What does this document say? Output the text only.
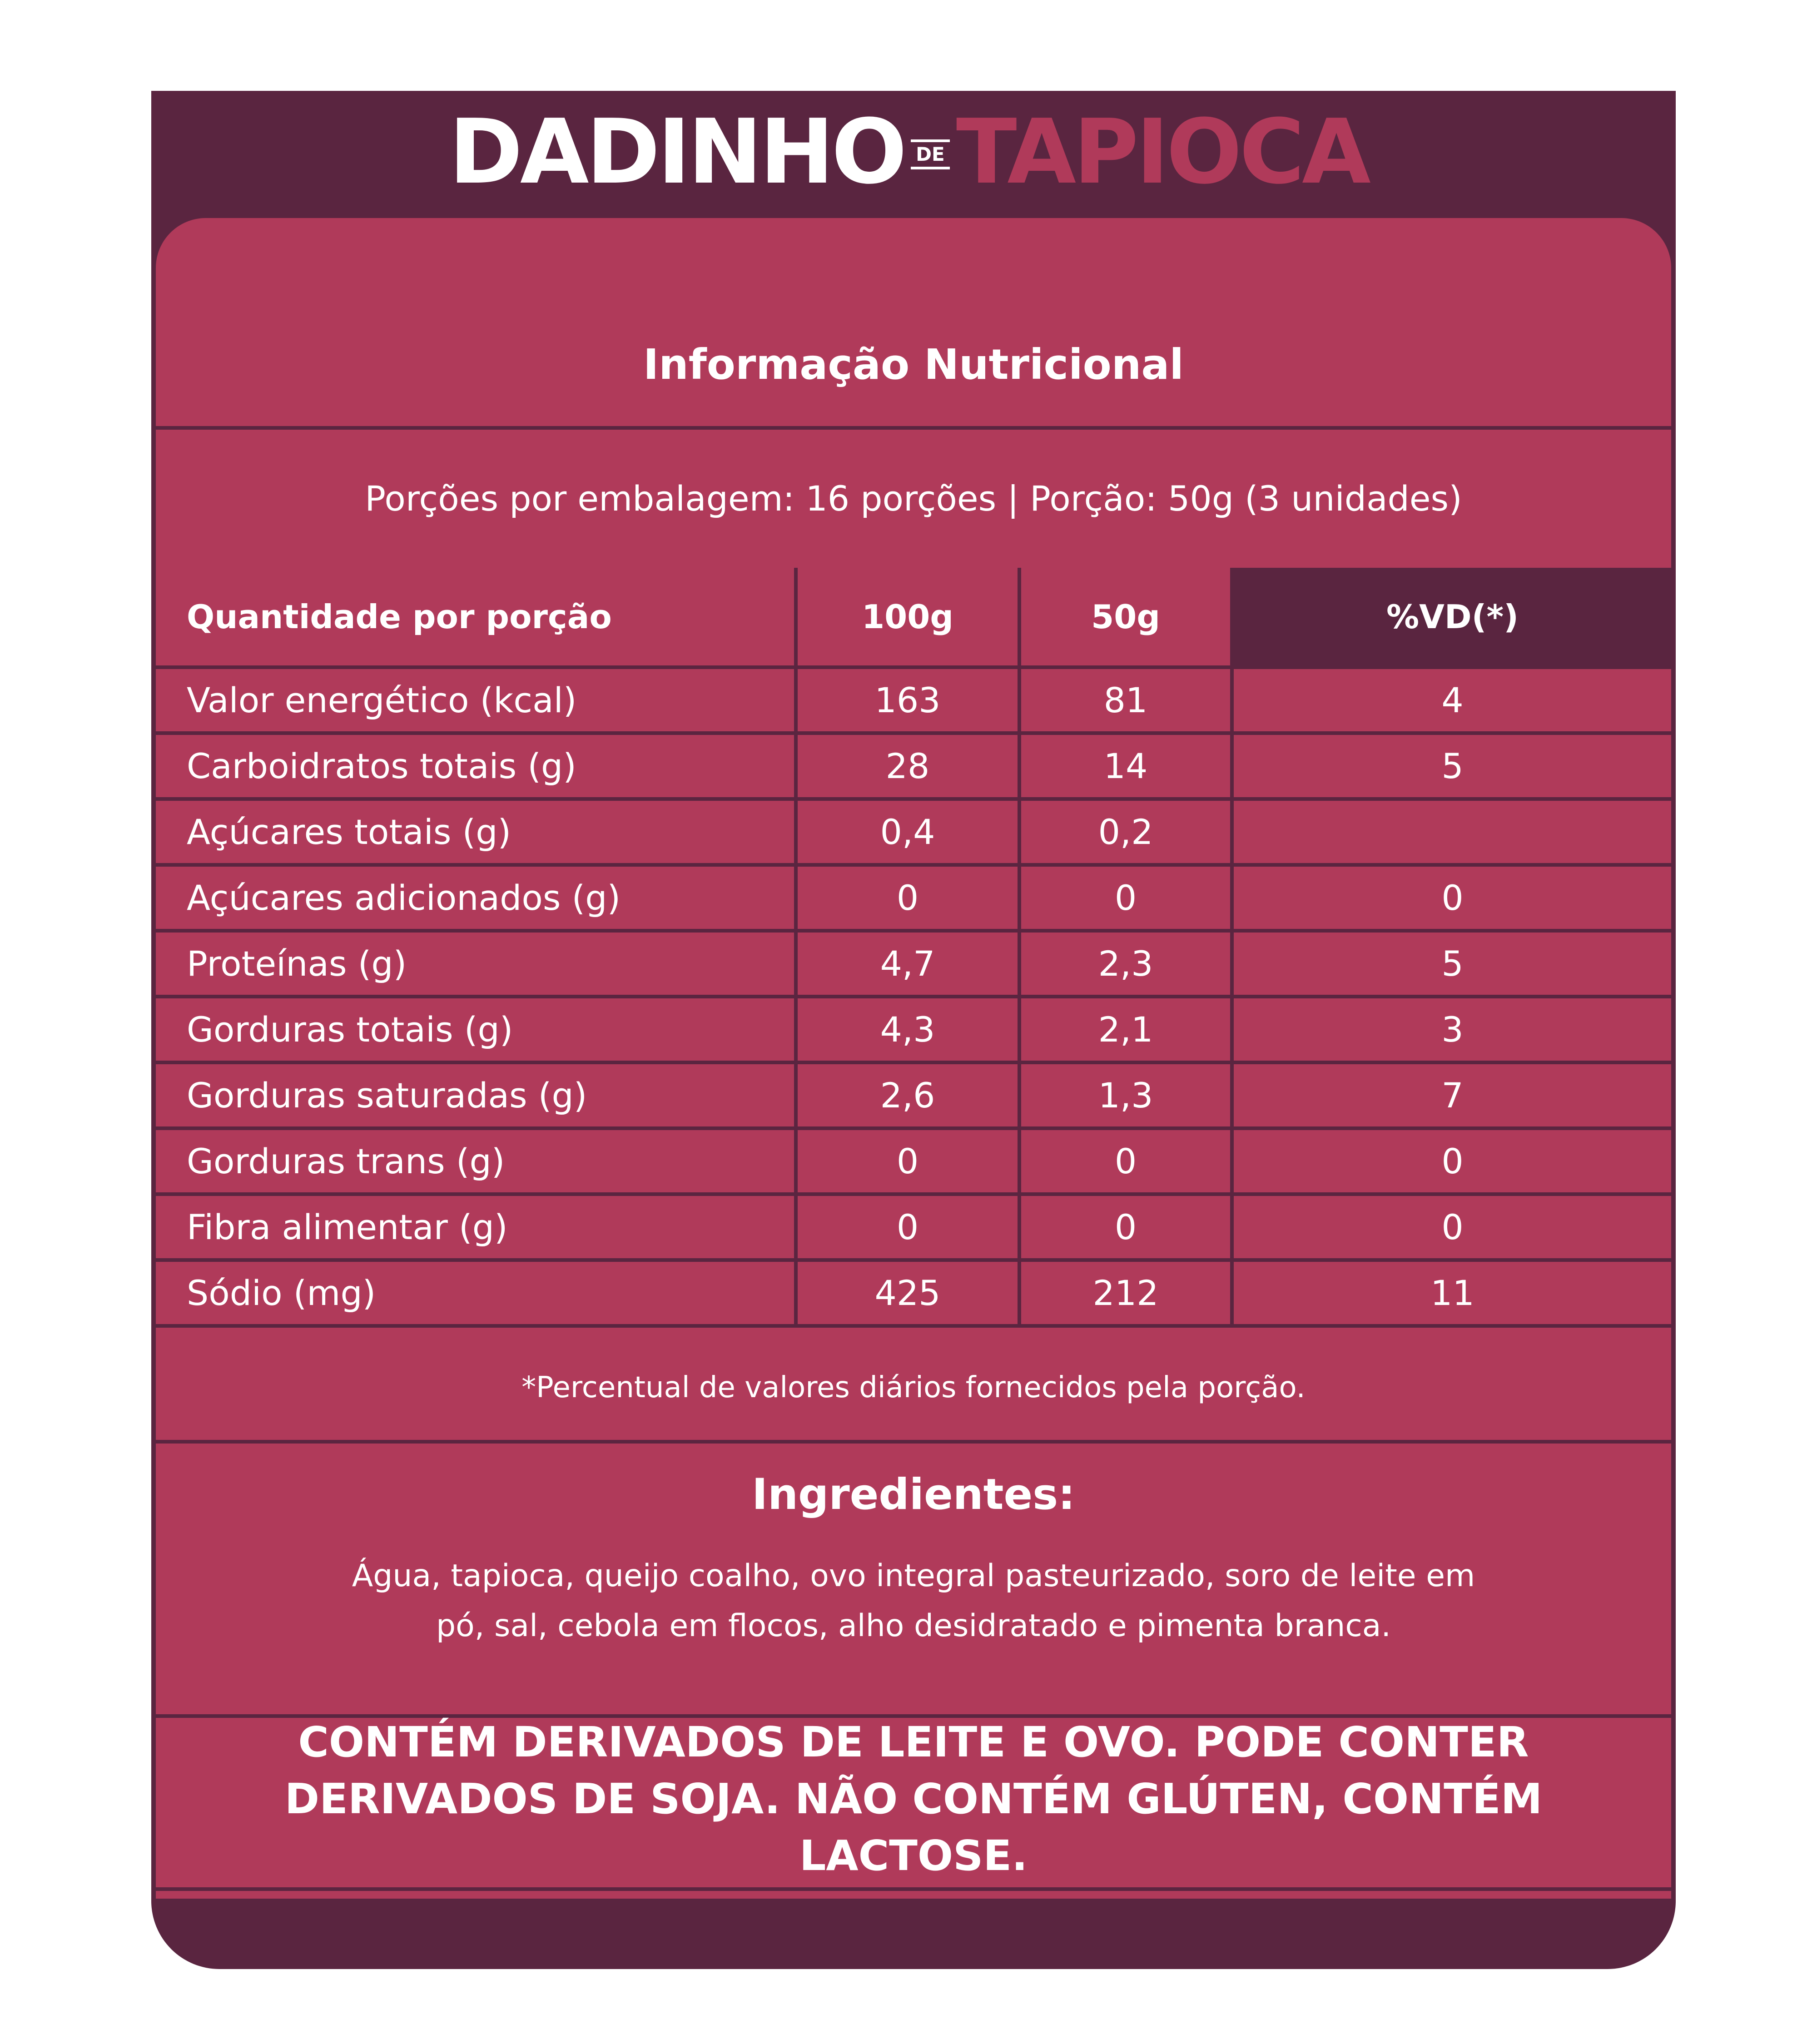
DADINHO DE TAPIOCA
Informação Nutricional
Porções por embalagem: 16 porções | Porção: 50g (3 unidades)
Quantidade por porção	100g	50g	%VD(*)
Valor energético (kcal)	163	81	4
Carboidratos totais (g)	28	14	5
Açúcares totais (g)	0,4	0,2	
Açúcares adicionados (g)	0	0	0
Proteínas (g)	4,7	2,3	5
Gorduras totais (g)	4,3	2,1	3
Gorduras saturadas (g)	2,6	1,3	7
Gorduras trans (g)	0	0	0
Fibra alimentar (g)	0	0	0
Sódio (mg)	425	212	11
*Percentual de valores diários fornecidos pela porção.
Ingredientes:
Água, tapioca, queijo coalho, ovo integral pasteurizado, soro de leite em pó, sal, cebola em flocos, alho desidratado e pimenta branca.
CONTÉM DERIVADOS DE LEITE E OVO. PODE CONTER DERIVADOS DE SOJA. NÃO CONTÉM GLÚTEN, CONTÉM LACTOSE.
